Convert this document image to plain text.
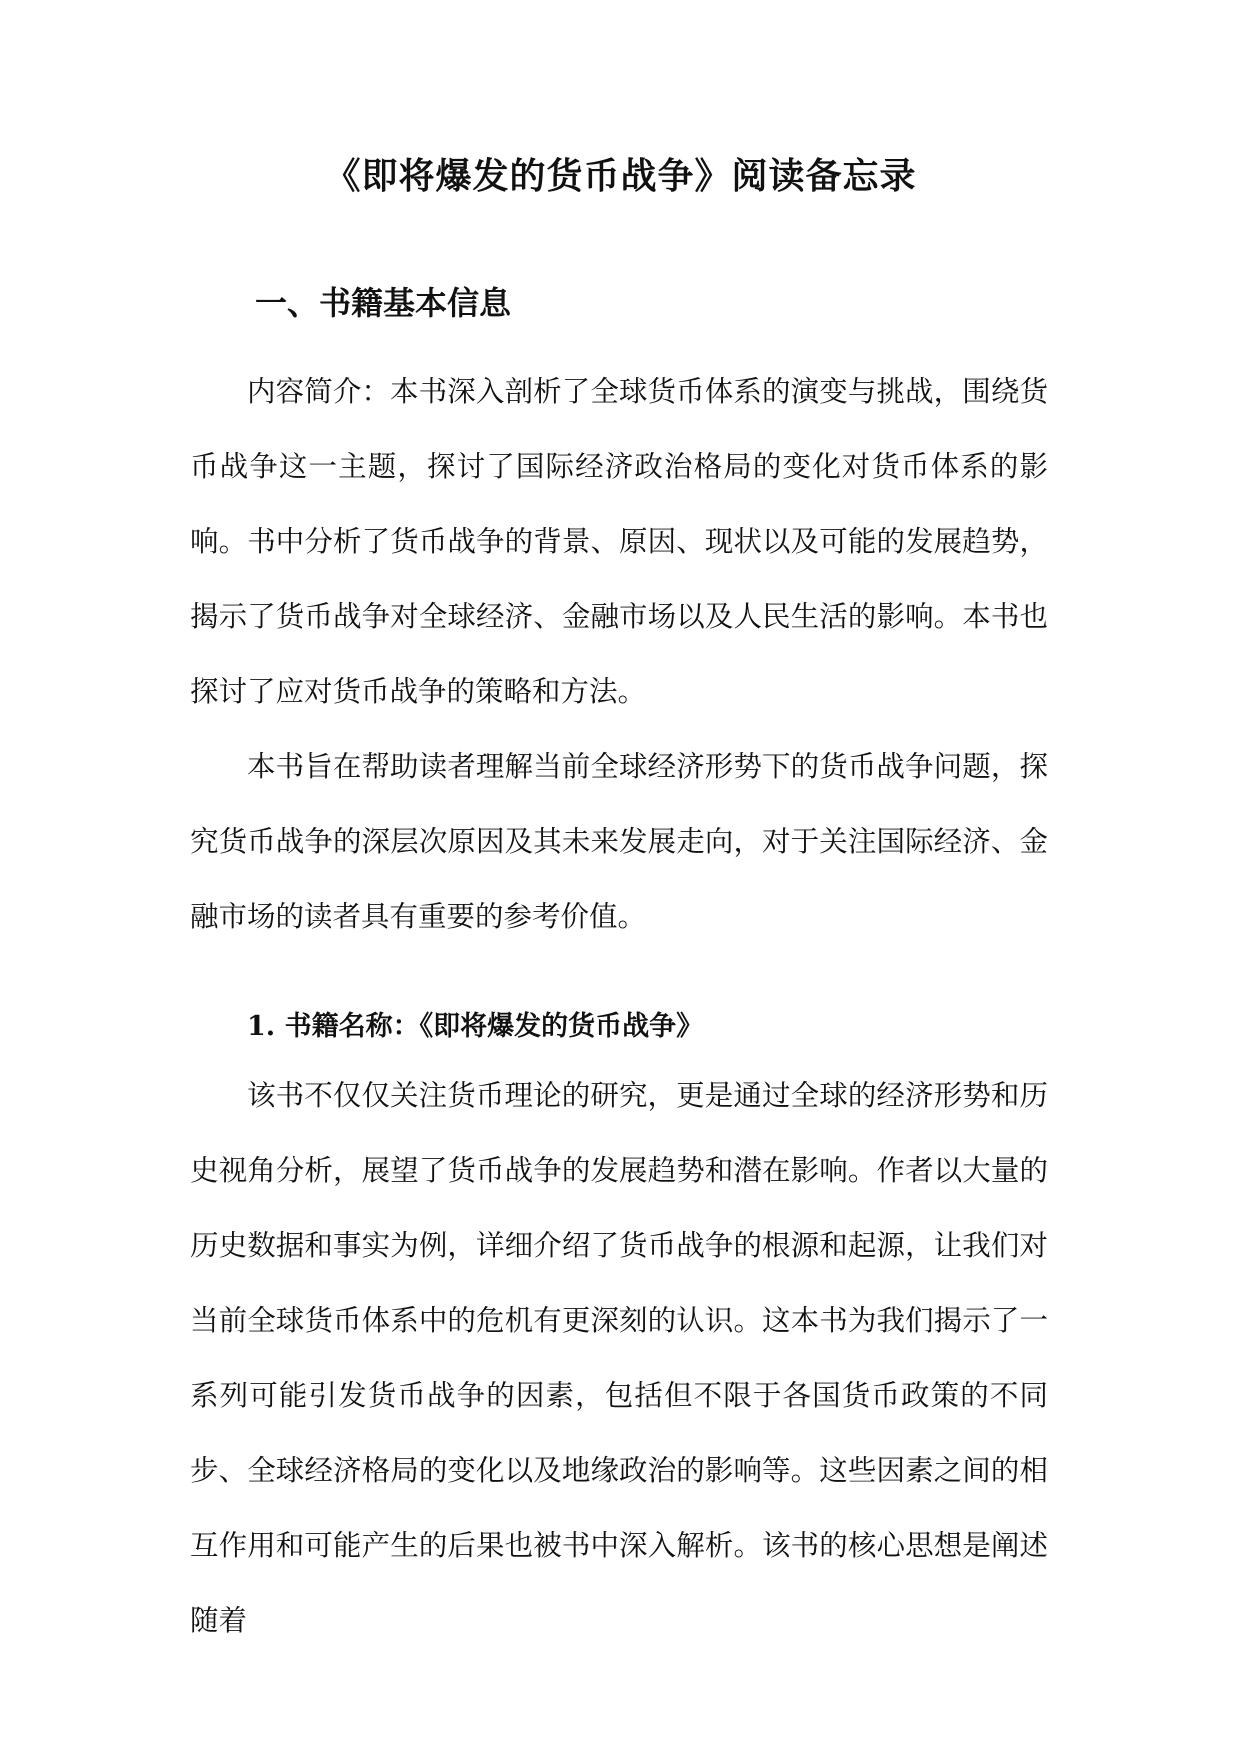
《即将爆发的货币战争》阅读备忘录
一、书籍基本信息

内容简介：本书深入剖析了全球货币体系的演变与挑战，围绕货币战争这一主题，探讨了国际经济政治格局的变化对货币体系的影响。书中分析了货币战争的背景、原因、现状以及可能的发展趋势，揭示了货币战争对全球经济、金融市场以及人民生活的影响。本书也探讨了应对货币战争的策略和方法。

本书旨在帮助读者理解当前全球经济形势下的货币战争问题，探究货币战争的深层次原因及其未来发展走向，对于关注国际经济、金融市场的读者具有重要的参考价值。

1. 书籍名称：《即将爆发的货币战争》

该书不仅仅关注货币理论的研究，更是通过全球的经济形势和历史视角分析，展望了货币战争的发展趋势和潜在影响。作者以大量的历史数据和事实为例，详细介绍了货币战争的根源和起源，让我们对当前全球货币体系中的危机有更深刻的认识。这本书为我们揭示了一系列可能引发货币战争的因素，包括但不限于各国货币政策的不同步、全球经济格局的变化以及地缘政治的影响等。这些因素之间的相互作用和可能产生的后果也被书中深入解析。该书的核心思想是阐述随着
